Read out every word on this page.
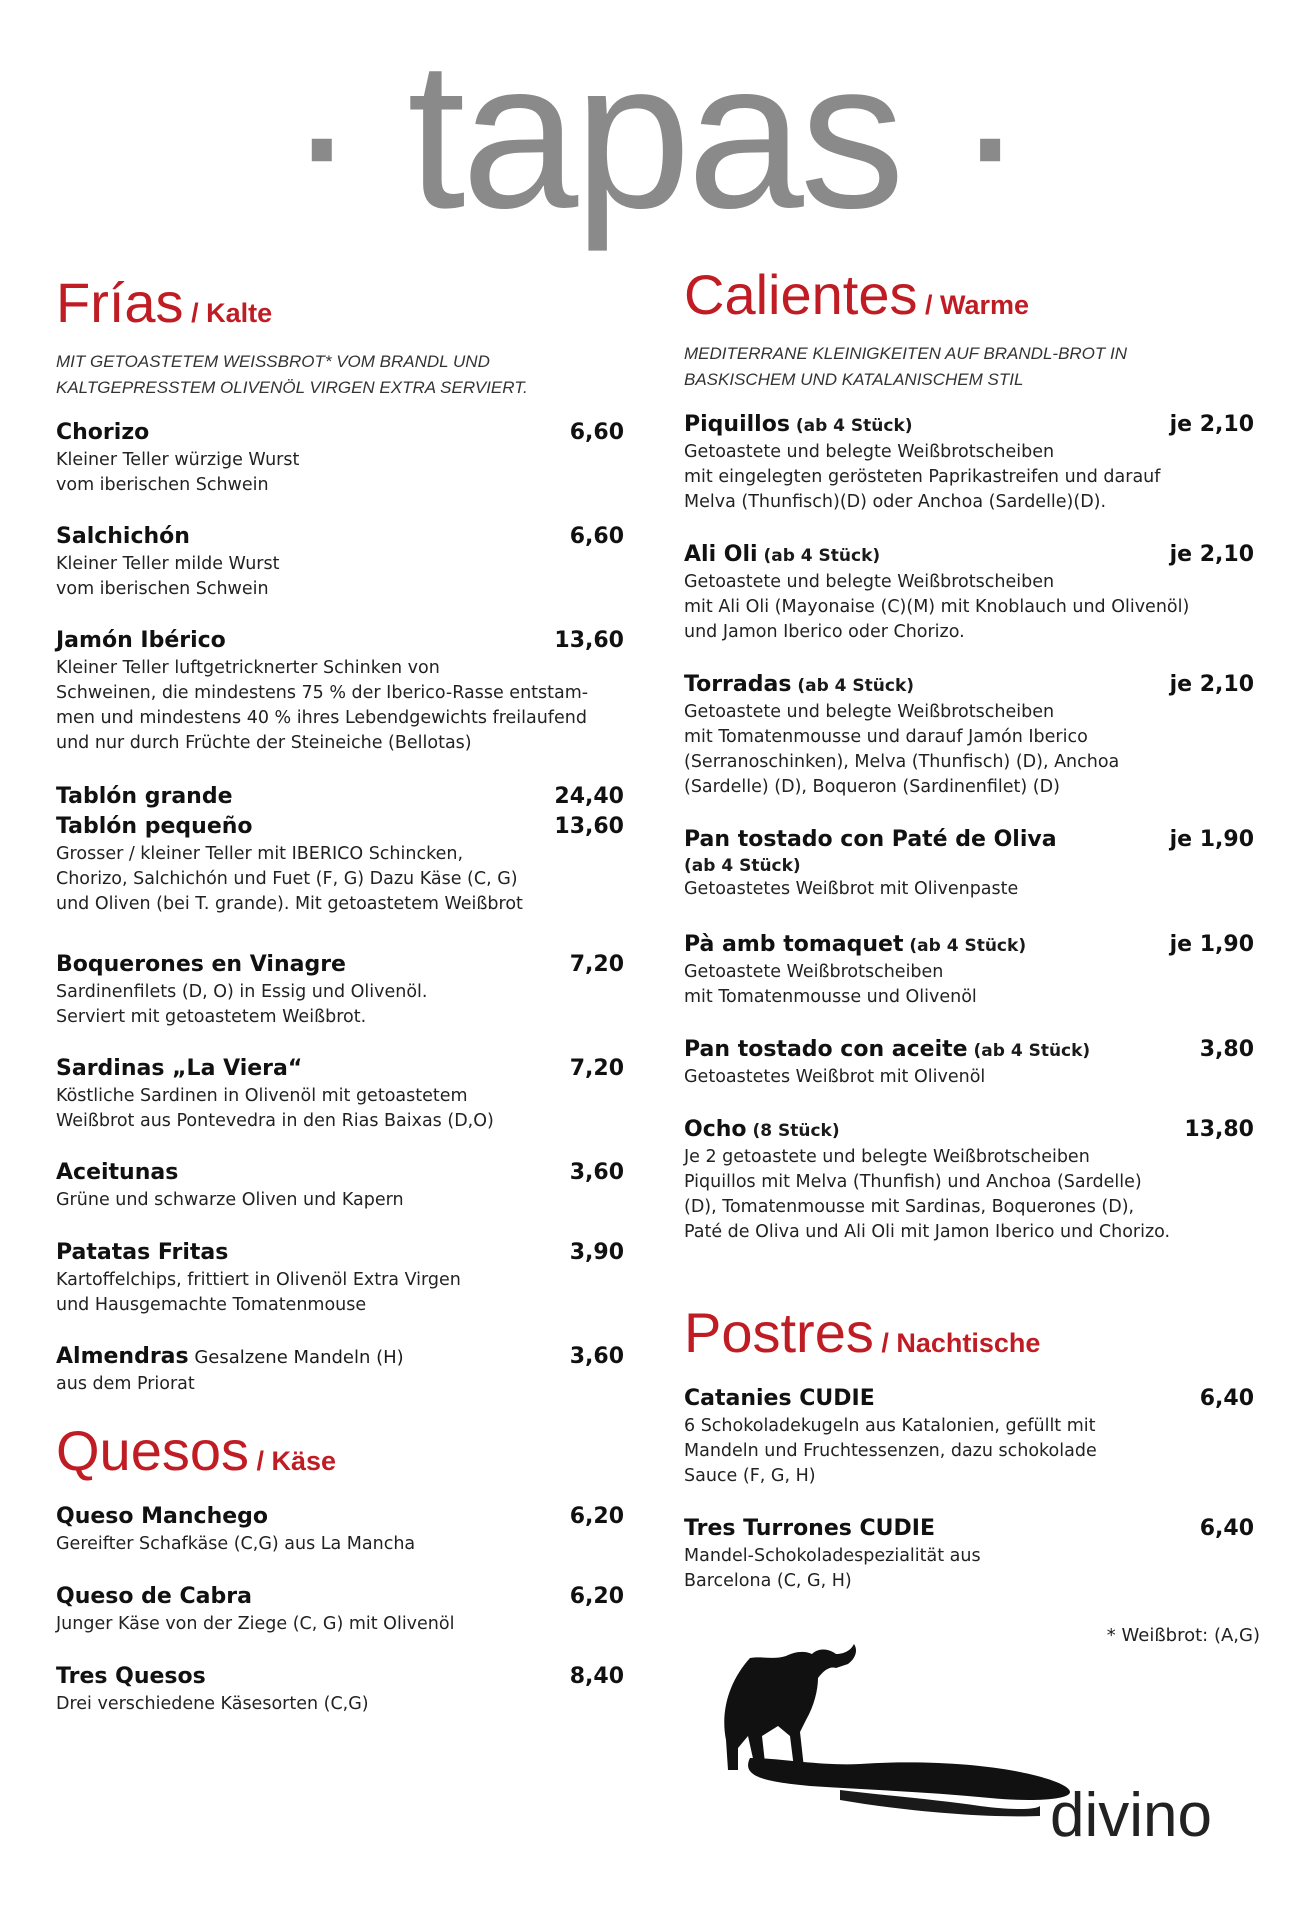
· tapas ·
Frías / Kalte

MIT GETOASTETEM WEISSBROT* VOM BRANDL UND
KALTGEPRESSTEM OLIVENÖL VIRGEN EXTRA SERVIERT.

Chorizo	6,60
Kleiner Teller würzige Wurst
vom iberischen Schwein
Salchichón	6,60
Kleiner Teller milde Wurst
vom iberischen Schwein
Jamón Ibérico	13,60
Kleiner Teller luftgetricknerter Schinken von
Schweinen, die mindestens 75 % der Iberico-Rasse entstam-
men und mindestens 40 % ihres Lebendgewichts freilaufend
und nur durch Früchte der Steineiche (Bellotas)
Tablón grande	24,40
Tablón pequeño	13,60
Grosser / kleiner Teller mit IBERICO Schincken,
Chorizo, Salchichón und Fuet (F, G) Dazu Käse (C, G)
und Oliven (bei T. grande). Mit getoastetem Weißbrot
Boquerones en Vinagre	7,20
Sardinenfilets (D, O) in Essig und Olivenöl.
Serviert mit getoastetem Weißbrot.
Sardinas „La Viera“	7,20
Köstliche Sardinen in Olivenöl mit getoastetem
Weißbrot aus Pontevedra in den Rias Baixas (D,O)
Aceitunas	3,60
Grüne und schwarze Oliven und Kapern
Patatas Fritas	3,90
Kartoffelchips, frittiert in Olivenöl Extra Virgen
und Hausgemachte Tomatenmouse
Almendras Gesalzene Mandeln (H)	3,60
aus dem Priorat
Quesos / Käse
Queso Manchego	6,20
Gereifter Schafkäse (C,G) aus La Mancha
Queso de Cabra	6,20
Junger Käse von der Ziege (C, G) mit Olivenöl
Tres Quesos	8,40
Drei verschiedene Käsesorten (C,G)
Calientes / Warme

MEDITERRANE KLEINIGKEITEN AUF BRANDL-BROT IN
BASKISCHEM UND KATALANISCHEM STIL

Piquillos (ab 4 Stück)	je 2,10
Getoastete und belegte Weißbrotscheiben
mit eingelegten gerösteten Paprikastreifen und darauf
Melva (Thunfisch)(D) oder Anchoa (Sardelle)(D).
Ali Oli (ab 4 Stück)	je 2,10
Getoastete und belegte Weißbrotscheiben
mit Ali Oli (Mayonaise (C)(M) mit Knoblauch und Olivenöl)
und Jamon Iberico oder Chorizo.
Torradas (ab 4 Stück)	je 2,10
Getoastete und belegte Weißbrotscheiben
mit Tomatenmousse und darauf Jamón Iberico
(Serranoschinken), Melva (Thunfisch) (D), Anchoa
(Sardelle) (D), Boqueron (Sardinenfilet) (D)
Pan tostado con Paté de Oliva	je 1,90
(ab 4 Stück)
Getoastetes Weißbrot mit Olivenpaste
Pà amb tomaquet (ab 4 Stück)	je 1,90
Getoastete Weißbrotscheiben
mit Tomatenmousse und Olivenöl
Pan tostado con aceite (ab 4 Stück)	3,80
Getoastetes Weißbrot mit Olivenöl
Ocho (8 Stück)	13,80
Je 2 getoastete und belegte Weißbrotscheiben
Piquillos mit Melva (Thunfish) und Anchoa (Sardelle)
(D), Tomatenmousse mit Sardinas, Boquerones (D),
Paté de Oliva und Ali Oli mit Jamon Iberico und Chorizo.
Postres / Nachtische
Catanies CUDIE	6,40
6 Schokoladekugeln aus Katalonien, gefüllt mit
Mandeln und Fruchtessenzen, dazu schokolade
Sauce (F, G, H)
Tres Turrones CUDIE	6,40
Mandel-Schokoladespezialität aus
Barcelona (C, G, H)
* Weißbrot: (A,G)
divino
